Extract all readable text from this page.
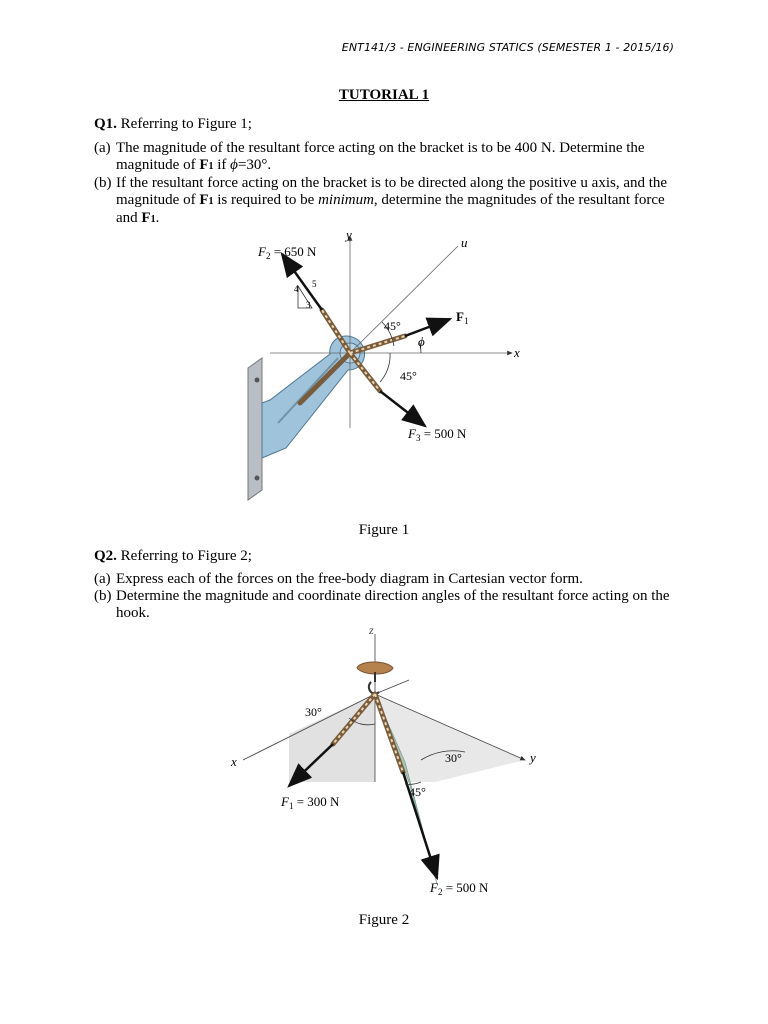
ENT141/3 - ENGINEERING STATICS (SEMESTER 1 - 2015/16)
TUTORIAL 1
Q1. Referring to Figure 1;
(a) The magnitude of the resultant force acting on the bracket is to be 400 N. Determine the magnitude of F1 if ϕ=30°.
(b) If the resultant force acting on the bracket is to be directed along the positive u axis, and the magnitude of F1 is required to be minimum, determine the magnitudes of the resultant force and F1.
4 5
3
y
x
u
$F_2 = 650$ N
$F_3 = 500$ N
$F_1$
45°
ϕ
45°
Figure 1
Q2. Referring to Figure 2;
(a) Express each of the forces on the free-body diagram in Cartesian vector form.
(b) Determine the magnitude and coordinate direction angles of the resultant force acting on the hook.
z
x	y
30°
30°
45°
$F_1 = 300$ N
$F_2 = 500$ N
Figure 2
